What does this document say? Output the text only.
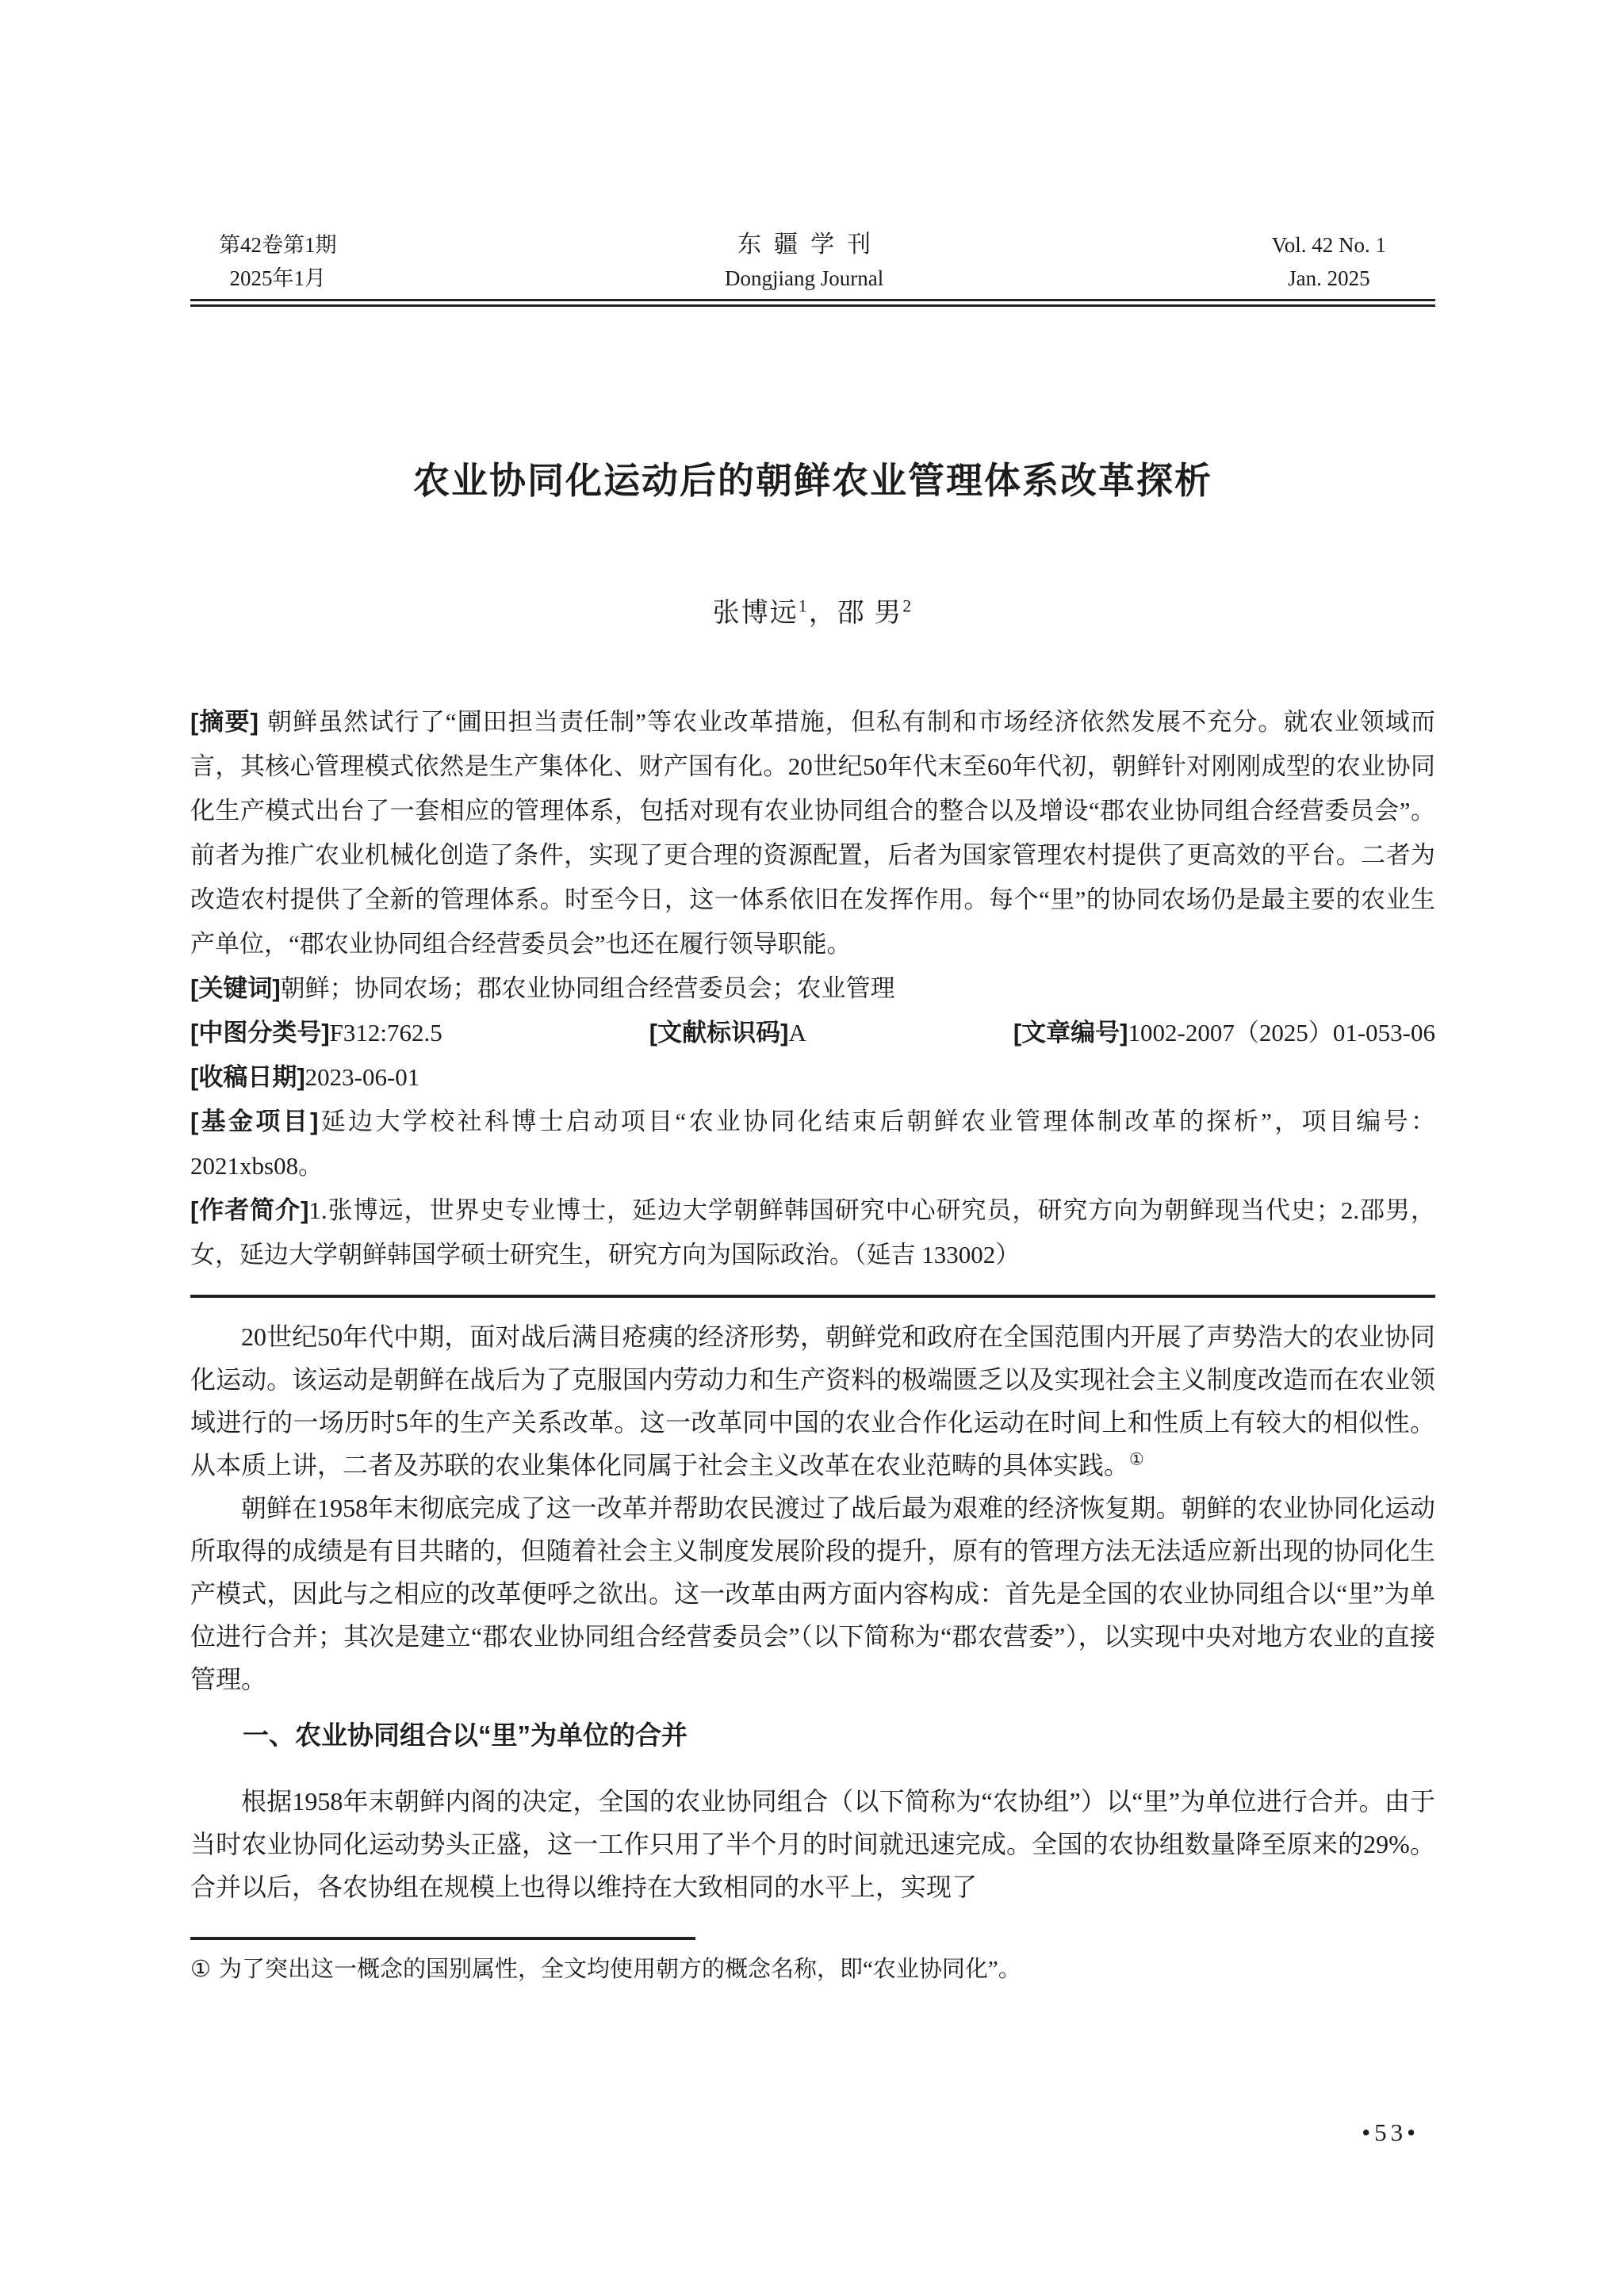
第42卷第1期
2025年1月
东疆学刊
Dongjiang Journal
Vol. 42 No. 1
Jan. 2025
农业协同化运动后的朝鲜农业管理体系改革探析
张博远$^1$，邵 男$^2$

[摘要] 朝鲜虽然试行了“圃田担当责任制”等农业改革措施，但私有制和市场经济依然发展不充分。就农业领域而言，其核心管理模式依然是生产集体化、财产国有化。20世纪50年代末至60年代初，朝鲜针对刚刚成型的农业协同化生产模式出台了一套相应的管理体系，包括对现有农业协同组合的整合以及增设“郡农业协同组合经营委员会”。前者为推广农业机械化创造了条件，实现了更合理的资源配置，后者为国家管理农村提供了更高效的平台。二者为改造农村提供了全新的管理体系。时至今日，这一体系依旧在发挥作用。每个“里”的协同农场仍是最主要的农业生产单位，“郡农业协同组合经营委员会”也还在履行领导职能。

[关键词]朝鲜；协同农场；郡农业协同组合经营委员会；农业管理

[中图分类号]F312:762.5	[文献标识码]A	[文章编号]1002-2007（2025）01-053-06

[收稿日期]2023-06-01

[基金项目]延边大学校社科博士启动项目“农业协同化结束后朝鲜农业管理体制改革的探析”，项目编号：2021xbs08。

[作者简介]1.张博远，世界史专业博士，延边大学朝鲜韩国研究中心研究员，研究方向为朝鲜现当代史；2.邵男，女，延边大学朝鲜韩国学硕士研究生，研究方向为国际政治。（延吉 133002）

20世纪50年代中期，面对战后满目疮痍的经济形势，朝鲜党和政府在全国范围内开展了声势浩大的农业协同化运动。该运动是朝鲜在战后为了克服国内劳动力和生产资料的极端匮乏以及实现社会主义制度改造而在农业领域进行的一场历时5年的生产关系改革。这一改革同中国的农业合作化运动在时间上和性质上有较大的相似性。从本质上讲，二者及苏联的农业集体化同属于社会主义改革在农业范畴的具体实践。①

朝鲜在1958年末彻底完成了这一改革并帮助农民渡过了战后最为艰难的经济恢复期。朝鲜的农业协同化运动所取得的成绩是有目共睹的，但随着社会主义制度发展阶段的提升，原有的管理方法无法适应新出现的协同化生产模式，因此与之相应的改革便呼之欲出。这一改革由两方面内容构成：首先是全国的农业协同组合以“里”为单位进行合并；其次是建立“郡农业协同组合经营委员会”（以下简称为“郡农营委”），以实现中央对地方农业的直接管理。

一、农业协同组合以“里”为单位的合并

根据1958年末朝鲜内阁的决定，全国的农业协同组合（以下简称为“农协组”）以“里”为单位进行合并。由于当时农业协同化运动势头正盛，这一工作只用了半个月的时间就迅速完成。全国的农协组数量降至原来的29%。合并以后，各农协组在规模上也得以维持在大致相同的水平上，实现了

① 为了突出这一概念的国别属性，全文均使用朝方的概念名称，即“农业协同化”。

•53•
